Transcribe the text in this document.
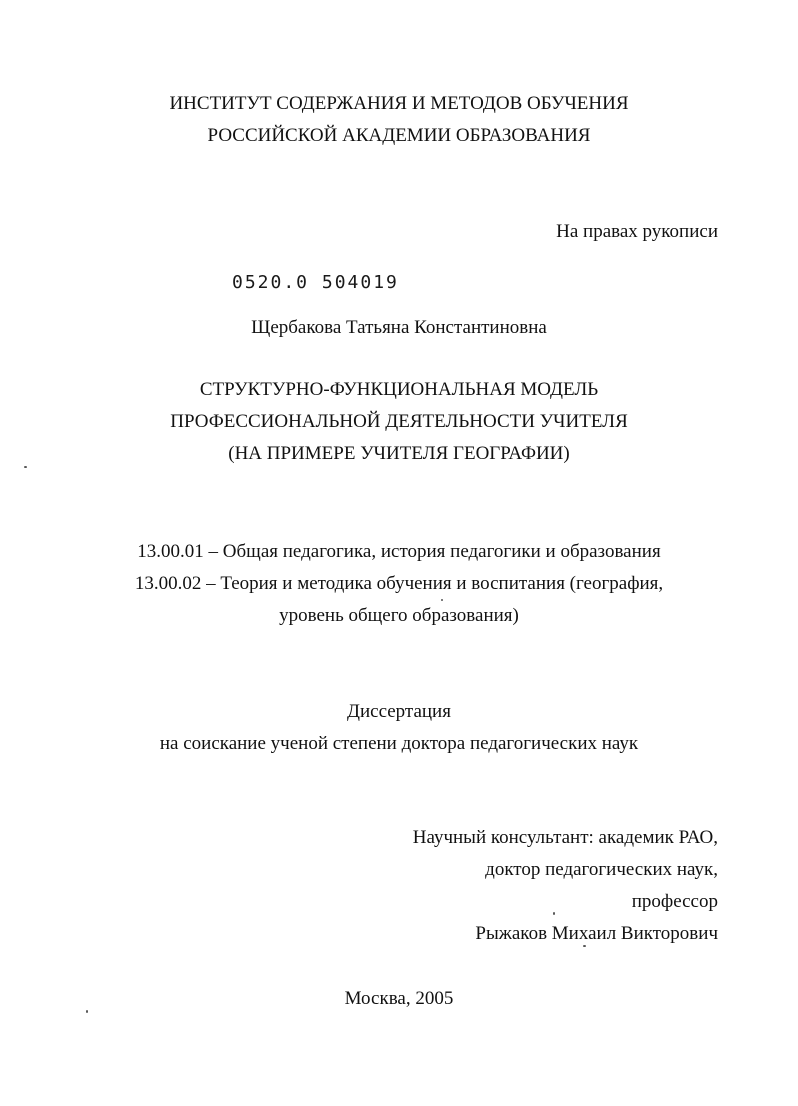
ИНСТИТУТ СОДЕРЖАНИЯ И МЕТОДОВ ОБУЧЕНИЯ
РОССИЙСКОЙ АКАДЕМИИ ОБРАЗОВАНИЯ
На правах рукописи
0520.0 504019
Щербакова Татьяна Константиновна
СТРУКТУРНО-ФУНКЦИОНАЛЬНАЯ МОДЕЛЬ
ПРОФЕССИОНАЛЬНОЙ ДЕЯТЕЛЬНОСТИ УЧИТЕЛЯ
(НА ПРИМЕРЕ УЧИТЕЛЯ ГЕОГРАФИИ)
13.00.01 – Общая педагогика, история педагогики и образования
13.00.02 – Теория и методика обучения и воспитания (география,
уровень общего образования)
Диссертация
на соискание ученой степени доктора педагогических наук
Научный консультант: академик РАО,
доктор педагогических наук,
профессор
Рыжаков Михаил Викторович
Москва, 2005
